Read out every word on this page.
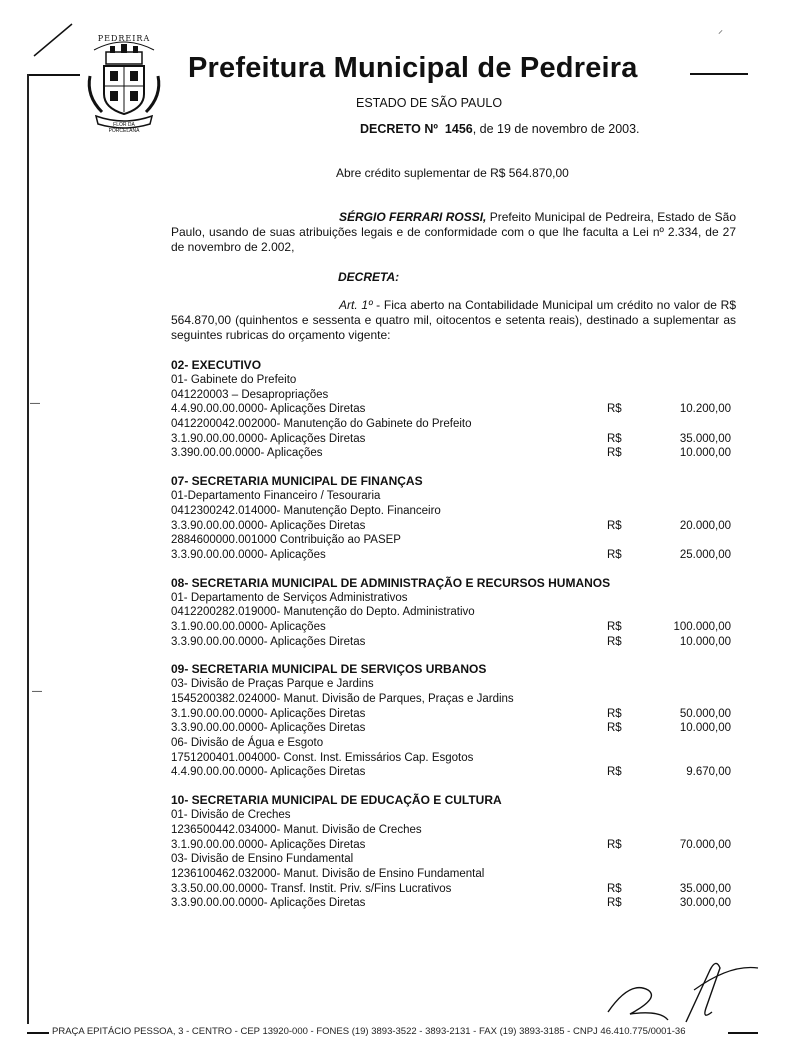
⸝
—
—
PEDREIRA
FLOR DA PORCELANA
Prefeitura Municipal de Pedreira
ESTADO DE SÃO PAULO
DECRETO Nº 1456, de 19 de novembro de 2003.
Abre crédito suplementar de R$ 564.870,00
SÉRGIO FERRARI ROSSI, Prefeito Municipal de Pedreira, Estado de São Paulo, usando de suas atribuições legais e de conformidade com o que lhe faculta a Lei nº 2.334, de 27 de novembro de 2.002,
DECRETA:
Art. 1º - Fica aberto na Contabilidade Municipal um crédito no valor de R$ 564.870,00 (quinhentos e sessenta e quatro mil, oitocentos e setenta reais), destinado a suplementar as seguintes rubricas do orçamento vigente:
02- EXECUTIVO
01- Gabinete do Prefeito
041220003 – Desapropriações
4.4.90.00.00.0000- Aplicações Diretas	R$	10.200,00
0412200042.002000- Manutenção do Gabinete do Prefeito
3.1.90.00.00.0000- Aplicações Diretas	R$	35.000,00
3.390.00.00.0000- Aplicações	R$	10.000,00
07- SECRETARIA MUNICIPAL DE FINANÇAS
01-Departamento Financeiro / Tesouraria
0412300242.014000- Manutenção Depto. Financeiro
3.3.90.00.00.0000- Aplicações Diretas	R$	20.000,00
2884600000.001000 Contribuição ao PASEP
3.3.90.00.00.0000- Aplicações	R$	25.000,00
08- SECRETARIA MUNICIPAL DE ADMINISTRAÇÃO E RECURSOS HUMANOS
01- Departamento de Serviços Administrativos
0412200282.019000- Manutenção do Depto. Administrativo
3.1.90.00.00.0000- Aplicações	R$	100.000,00
3.3.90.00.00.0000- Aplicações Diretas	R$	10.000,00
09- SECRETARIA MUNICIPAL DE SERVIÇOS URBANOS
03- Divisão de Praças Parque e Jardins
1545200382.024000- Manut. Divisão de Parques, Praças e Jardins
3.1.90.00.00.0000- Aplicações Diretas	R$	50.000,00
3.3.90.00.00.0000- Aplicações Diretas	R$	10.000,00
06- Divisão de Água e Esgoto
1751200401.004000- Const. Inst. Emissários Cap. Esgotos
4.4.90.00.00.0000- Aplicações Diretas	R$	9.670,00
10- SECRETARIA MUNICIPAL DE EDUCAÇÃO E CULTURA
01- Divisão de Creches
1236500442.034000- Manut. Divisão de Creches
3.1.90.00.00.0000- Aplicações Diretas	R$	70.000,00
03- Divisão de Ensino Fundamental
1236100462.032000- Manut. Divisão de Ensino Fundamental
3.3.50.00.00.0000- Transf. Instit. Priv. s/Fins Lucrativos	R$	35.000,00
3.3.90.00.00.0000- Aplicações Diretas	R$	30.000,00
PRAÇA EPITÁCIO PESSOA, 3 - CENTRO - CEP 13920-000 - FONES (19) 3893-3522 - 3893-2131 - FAX (19) 3893-3185 - CNPJ 46.410.775/0001-36
